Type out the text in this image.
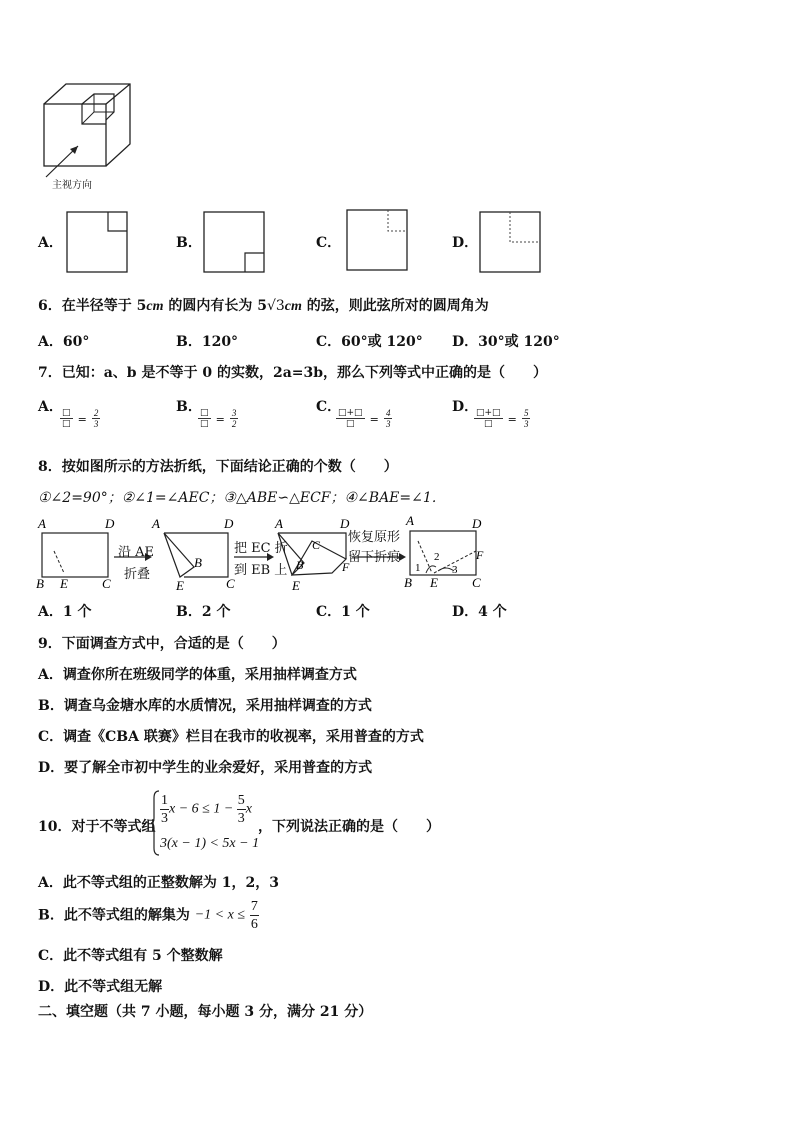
主视方向
A．	B．	C．	D．
6．在半径等于 5cm 的圆内有长为 5√3cm 的弦，则此弦所对的圆周角为
A．60°	B．120°	C．60°或 120° D．30°或 120°
7．已知：a、b 是不等于 0 的实数，2a=3b，那么下列等式中正确的是（　　）
A．
$\frac{□}{□} = \frac{2}{3}$
B．
$\frac{□}{□} = \frac{3}{2}$
C．
$\frac{□+□}{□} = \frac{4}{3}$
D．
$\frac{□+□}{□} = \frac{5}{3}$
8．按如图所示的方法折纸，下面结论正确的个数（　　）
①∠2=90°；②∠1=∠AEC；③△ABE∽△ECF；④∠BAE=∠1．
A	D
B E	C
A	D
B
E	C
A	D
C
B	F
E
A	D
1
2
3
F
B E	C
沿 AE
折叠
把 EC 折
到 EB 上
恢复原形
留下折痕
A．1 个	B．2 个	C．1 个	D．4 个
9．下面调查方式中，合适的是（　　）
A．调查你所在班级同学的体重，采用抽样调查方式
B．调查乌金塘水库的水质情况，采用抽样调查的方式
C．调查《CBA 联赛》栏目在我市的收视率，采用普查的方式
D．要了解全市初中学生的业余爱好，采用普查的方式
10．对于不等式组 $\frac{1}{3}$ $x - 6 \le 1 - \frac{5}{3}$ x
3(x − 1) < 5x − 1
，下列说法正确的是（　　）
A．此不等式组的正整数解为 1，2，3
B．此不等式组的解集为 $-1 < x \le \frac{7}{6}$
C．此不等式组有 5 个整数解
D．此不等式组无解
二、填空题（共 7 小题，每小题 3 分，满分 21 分）
